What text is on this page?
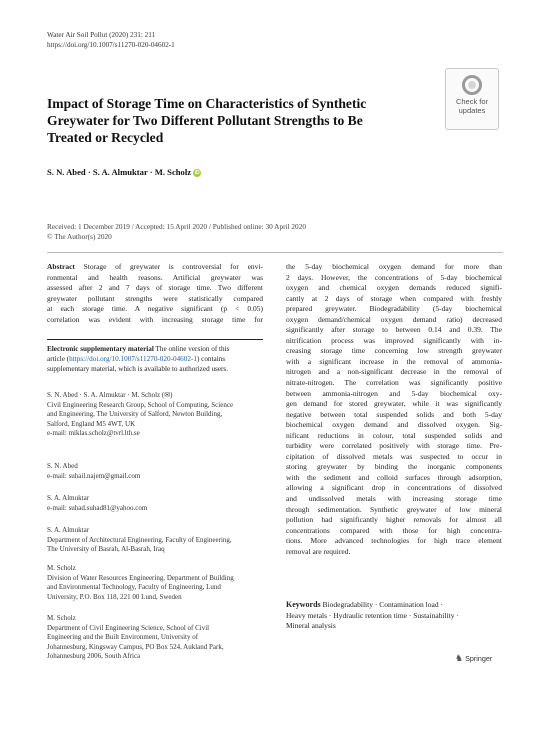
Water Air Soil Pollut (2020) 231: 211
https://doi.org/10.1007/s11270-020-04602-1
Check for
updates
Impact of Storage Time on Characteristics of Synthetic
Greywater for Two Different Pollutant Strengths to Be
Treated or Recycled
S. N. Abed · S. A. Almuktar · M. Scholz iD
Received: 1 December 2019 / Accepted: 15 April 2020 / Published online: 30 April 2020
© The Author(s) 2020
Abstract Storage of greywater is controversial for envi-
ronmental and health reasons. Artificial greywater was
assessed after 2 and 7 days of storage time. Two different
greywater pollutant strengths were statistically compared
at each storage time. A negative significant (p < 0.05)
correlation was evident with increasing storage time for
the 5-day biochemical oxygen demand for more than
2 days. However, the concentrations of 5-day biochemical
oxygen and chemical oxygen demands reduced signifi-
cantly at 2 days of storage when compared with freshly
prepared greywater. Biodegradability (5-day biochemical
oxygen demand/chemical oxygen demand ratio) decreased
significantly after storage to between 0.14 and 0.39. The
nitrification process was improved significantly with in-
creasing storage time concerning low strength greywater
with a significant increase in the removal of ammonia-
nitrogen and a non-significant decrease in the removal of
nitrate-nitrogen. The correlation was significantly positive
between ammonia-nitrogen and 5-day biochemical oxy-
gen demand for stored greywater, while it was significantly
negative between total suspended solids and both 5-day
biochemical oxygen demand and dissolved oxygen. Sig-
nificant reductions in colour, total suspended solids and
turbidity were correlated positively with storage time. Pre-
cipitation of dissolved metals was suspected to occur in
storing greywater by binding the inorganic components
with the sediment and colloid surfaces through adsorption,
allowing a significant drop in concentrations of dissolved
and undissolved metals with increasing storage time
through sedimentation. Synthetic greywater of low mineral
pollution had significantly higher removals for almost all
concentrations compared with those for high concentra-
tions. More advanced technologies for high trace element
removal are required.
Electronic supplementary material The online version of this
article (https://doi.org/10.1007/s11270-020-04602-1) contains
supplementary material, which is available to authorized users.
S. N. Abed · S. A. Almuktar · M. Scholz (✉)
Civil Engineering Research Group, School of Computing, Science
and Engineering, The University of Salford, Newton Building,
Salford, England M5 4WT, UK
e-mail: miklas.scholz@tvrl.lth.se
S. N. Abed
e-mail: suhail.najem@gmail.com
S. A. Almuktar
e-mail: suhad.suhad81@yahoo.com
S. A. Almuktar
Department of Architectural Engineering, Faculty of Engineering,
The University of Basrah, Al-Basrah, Iraq
M. Scholz
Division of Water Resources Engineering, Department of Building
and Environmental Technology, Faculty of Engineering, Lund
University, P.O. Box 118, 221 00 Lund, Sweden
M. Scholz
Department of Civil Engineering Science, School of Civil
Engineering and the Built Environment, University of
Johannesburg, Kingsway Campus, PO Box 524, Aukland Park,
Johannesburg 2006, South Africa
Keywords Biodegradability · Contamination load ·
Heavy metals · Hydraulic retention time · Sustainability ·
Mineral analysis
♞ Springer
